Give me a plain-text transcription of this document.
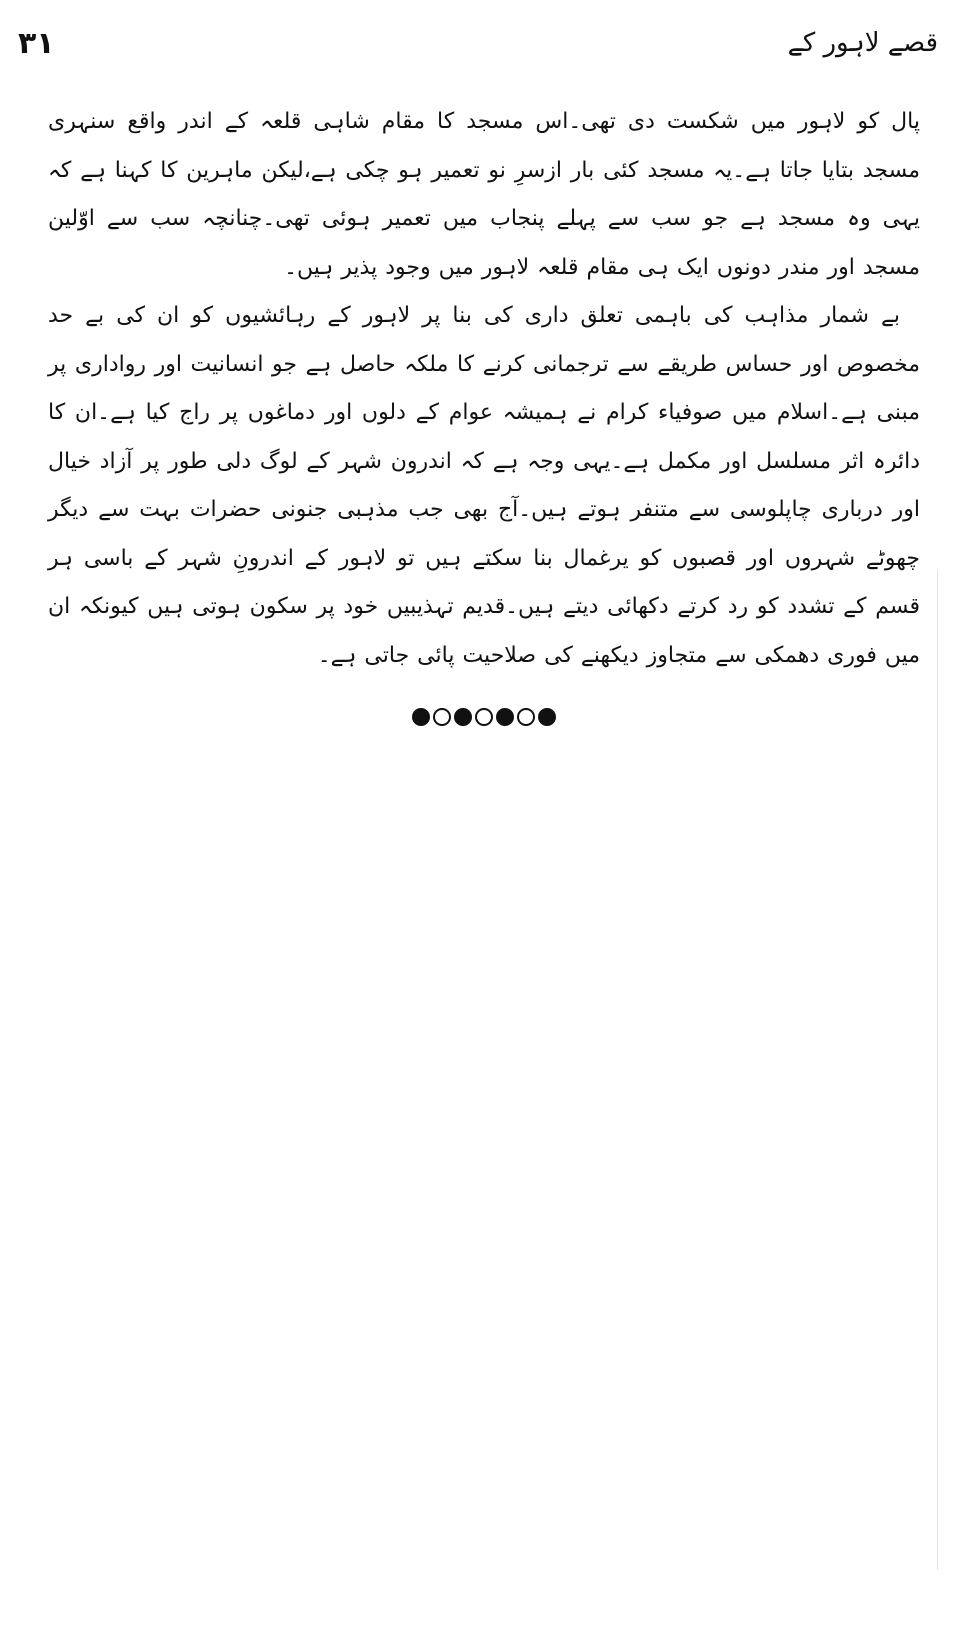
۳۱	قصے لاہور کے

پال کو لاہور میں شکست دی تھی۔اس مسجد کا مقام شاہی قلعہ کے اندر واقع سنہری مسجد بتایا جاتا ہے۔یہ مسجد کئی بار ازسرِ نو تعمیر ہو چکی ہے،لیکن ماہرین کا کہنا ہے کہ یہی وہ مسجد ہے جو سب سے پہلے پنجاب میں تعمیر ہوئی تھی۔چنانچہ سب سے اوّلین مسجد اور مندر دونوں ایک ہی مقام قلعہ لاہور میں وجود پذیر ہیں۔

بے شمار مذاہب کی باہمی تعلق داری کی بنا پر لاہور کے رہائشیوں کو ان کی بے حد مخصوص اور حساس طریقے سے ترجمانی کرنے کا ملکہ حاصل ہے جو انسانیت اور رواداری پر مبنی ہے۔اسلام میں صوفیاء کرام نے ہمیشہ عوام کے دلوں اور دماغوں پر راج کیا ہے۔ان کا دائرہ اثر مسلسل اور مکمل ہے۔یہی وجہ ہے کہ اندرون شہر کے لوگ دلی طور پر آزاد خیال اور درباری چاپلوسی سے متنفر ہوتے ہیں۔آج بھی جب مذہبی جنونی حضرات بہت سے دیگر چھوٹے شہروں اور قصبوں کو یرغمال بنا سکتے ہیں تو لاہور کے اندرونِ شہر کے باسی ہر قسم کے تشدد کو رد کرتے دکھائی دیتے ہیں۔قدیم تہذیبیں خود پر سکون ہوتی ہیں کیونکہ ان میں فوری دھمکی سے متجاوز دیکھنے کی صلاحیت پائی جاتی ہے۔
